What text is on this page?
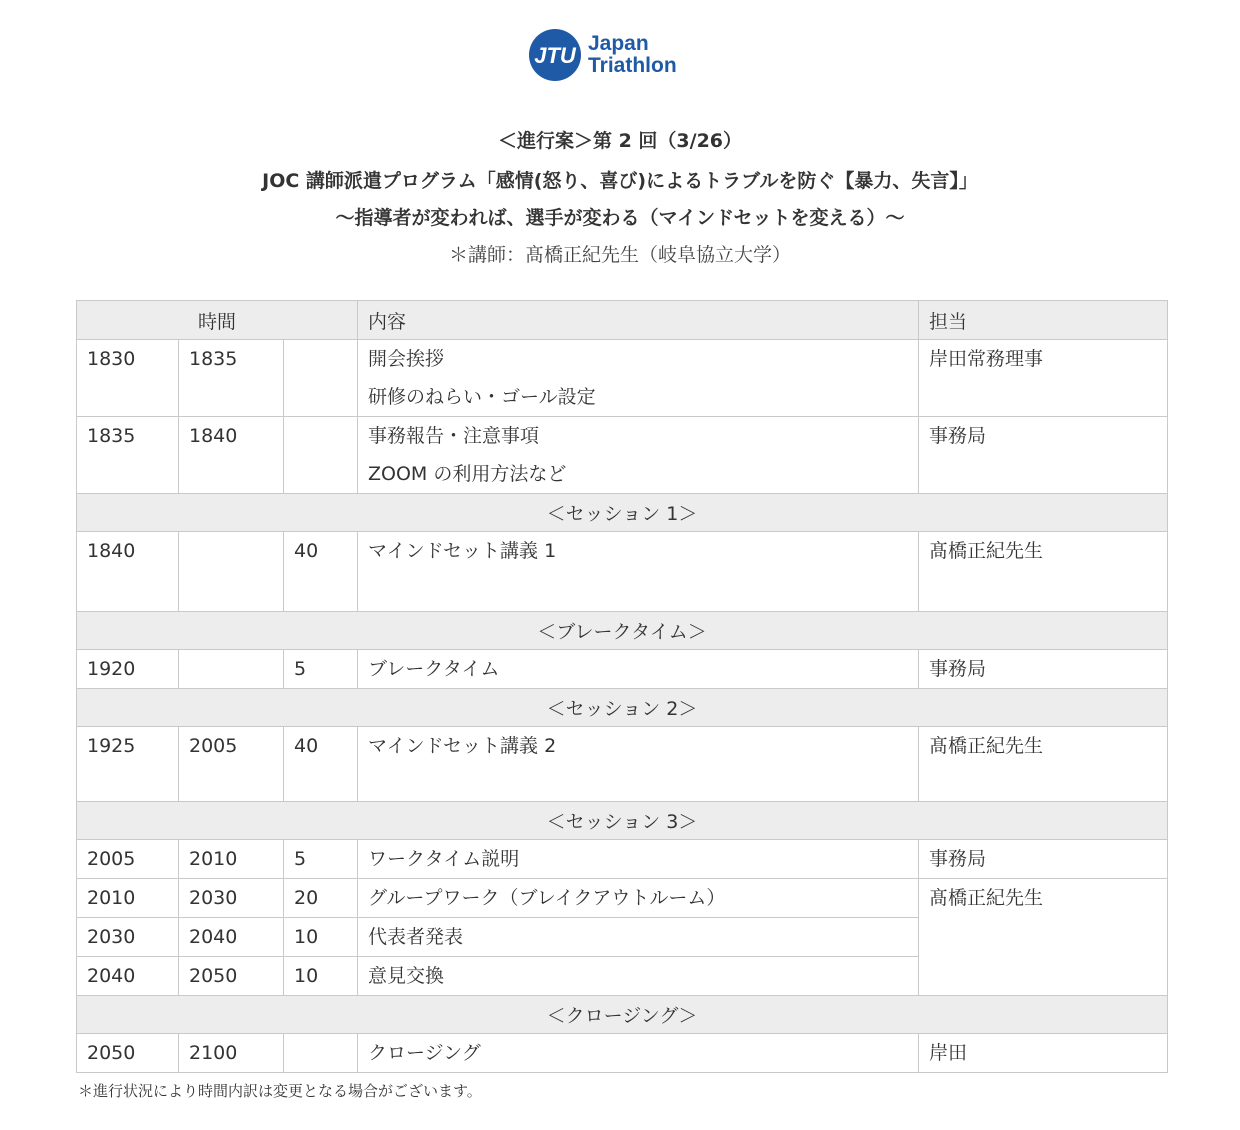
JTU Japan
Triathlon
＜進行案＞第 2 回（3/26）
JOC 講師派遣プログラム「感情(怒り、喜び)によるトラブルを防ぐ【暴力、失言】」
～指導者が変われば、選手が変わる（マインドセットを変える）～
＊講師：髙橋正紀先生（岐阜協立大学）
時間			内容	担当

1830	1835		開会挨拶
研修のねらい・ゴール設定	岸田常務理事

1835	1840		事務報告・注意事項
ZOOM の利用方法など	事務局

＜セッション 1＞				

1840		40	マインドセット講義 1	髙橋正紀先生

＜ブレークタイム＞				

1920		5	ブレークタイム	事務局

＜セッション 2＞				

1925	2005	40	マインドセット講義 2	髙橋正紀先生

＜セッション 3＞				

2005	2010	5	ワークタイム説明	事務局

2010	2030	20	グループワーク（ブレイクアウトルーム）	髙橋正紀先生

2030	2040	10	代表者発表	

2040	2050	10	意見交換	

＜クロージング＞				

2050	2100		クロージング	岸田
＊進行状況により時間内訳は変更となる場合がございます。
